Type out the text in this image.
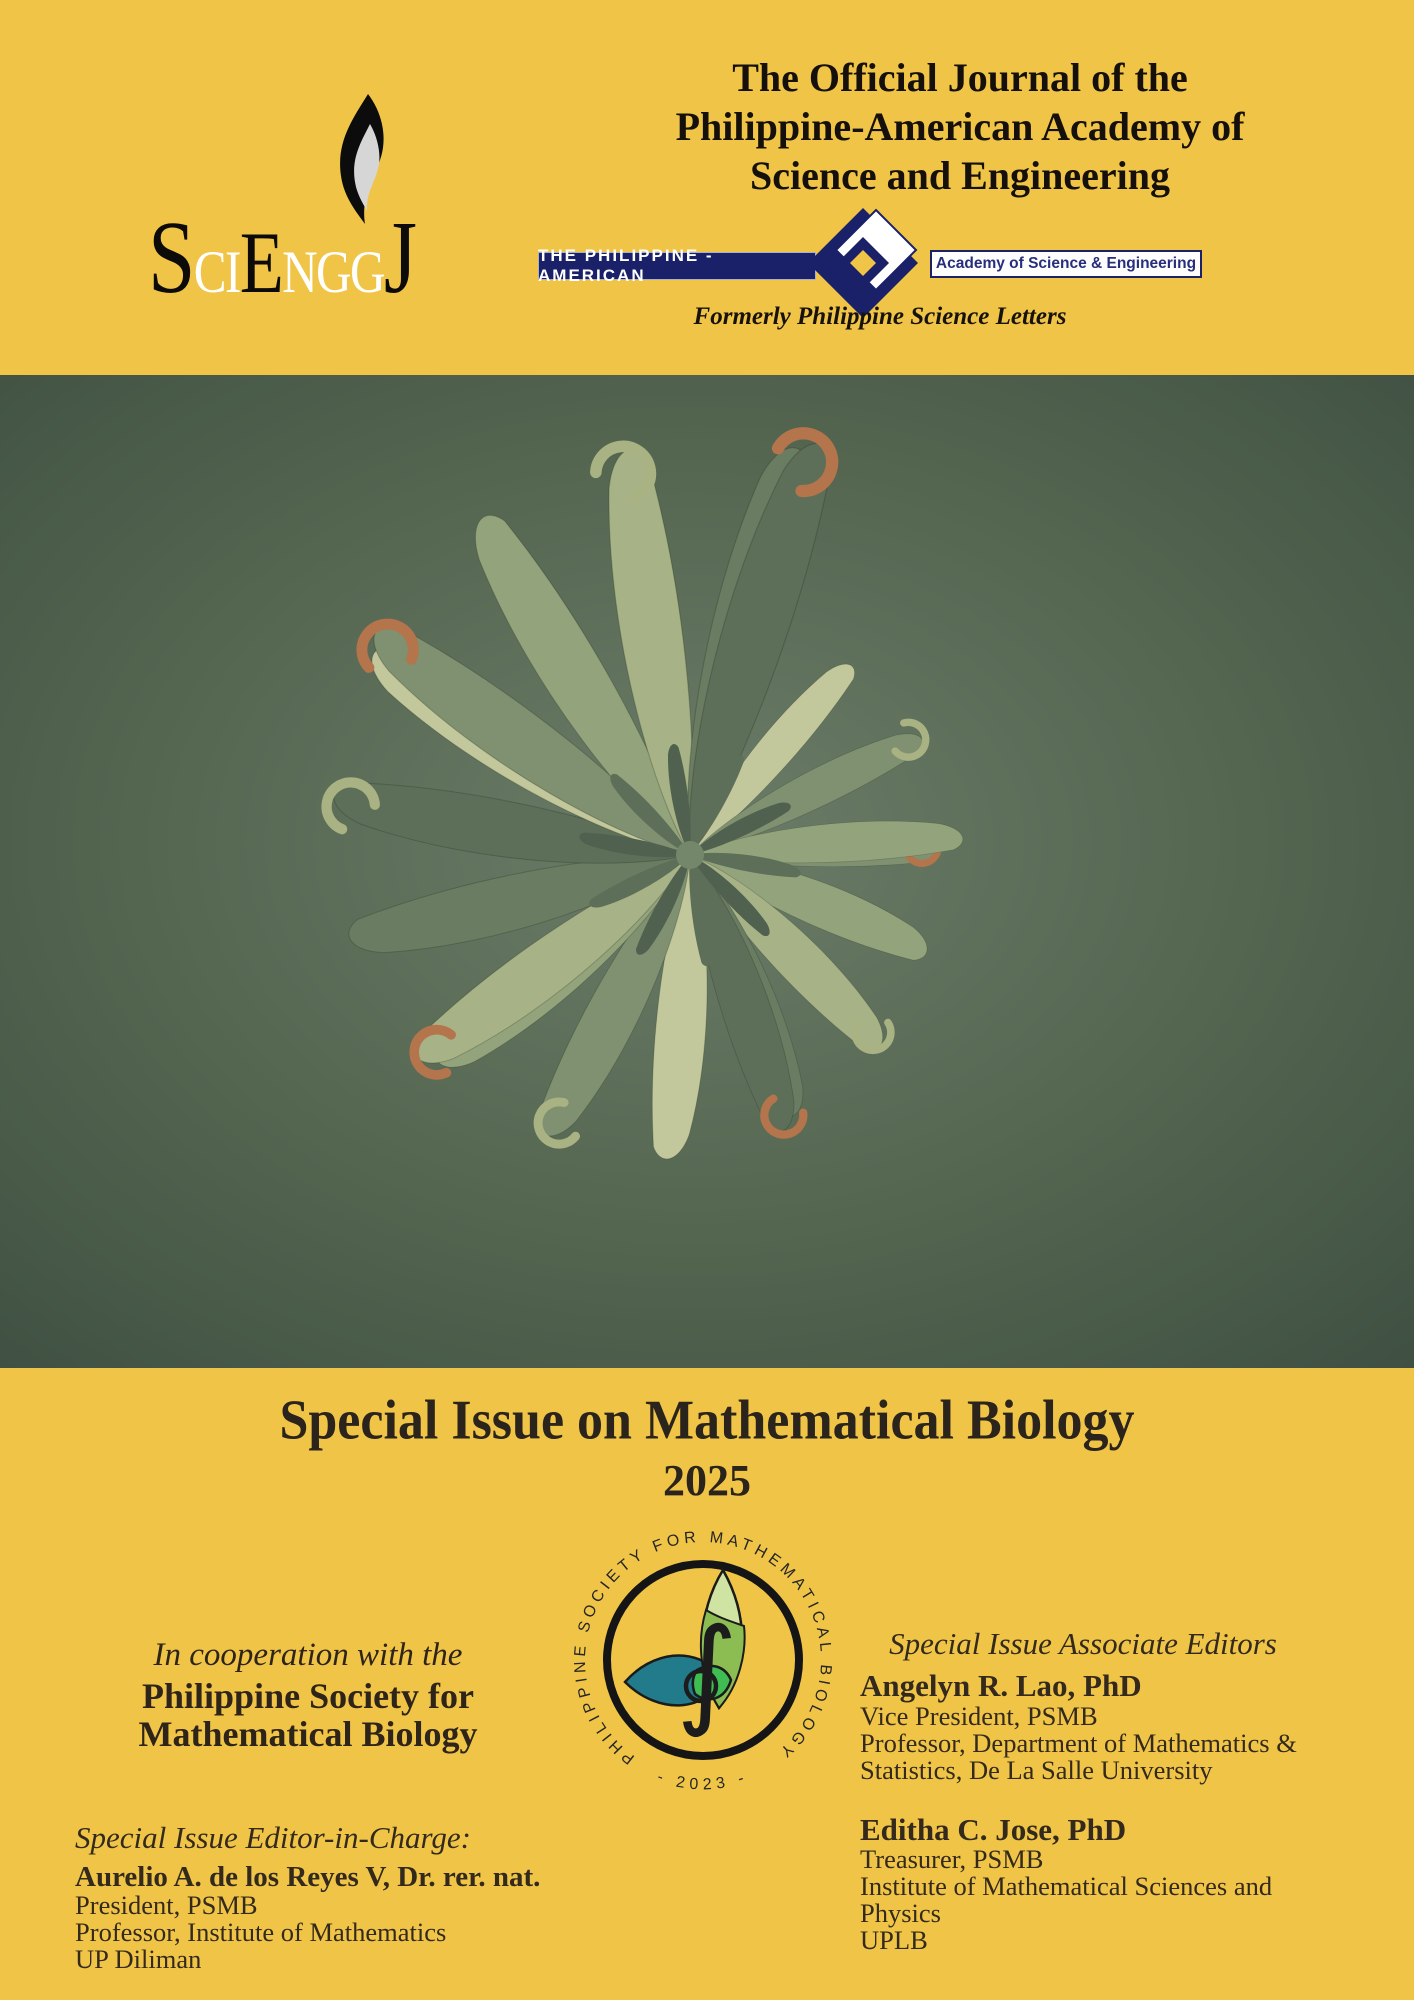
S CI E NGG J
The Official Journal of the
Philippine-American Academy of
Science and Engineering
THE PHILIPPINE - AMERICAN
Academy of Science & Engineering
Formerly Philippine Science Letters
Special Issue on Mathematical Biology
2025
PHILIPPINE SOCIETY FOR MATHEMATICAL BIOLOGY
- 2023 -
∫
In cooperation with the
Philippine Society for
Mathematical Biology
Special Issue Associate Editors
Angelyn R. Lao, PhD
Vice President, PSMB
Professor, Department of Mathematics &
Statistics, De La Salle University
Editha C. Jose, PhD
Treasurer, PSMB
Institute of Mathematical Sciences and
Physics
UPLB
Special Issue Editor-in-Charge:
Aurelio A. de los Reyes V, Dr. rer. nat.
President, PSMB
Professor, Institute of Mathematics
UP Diliman
